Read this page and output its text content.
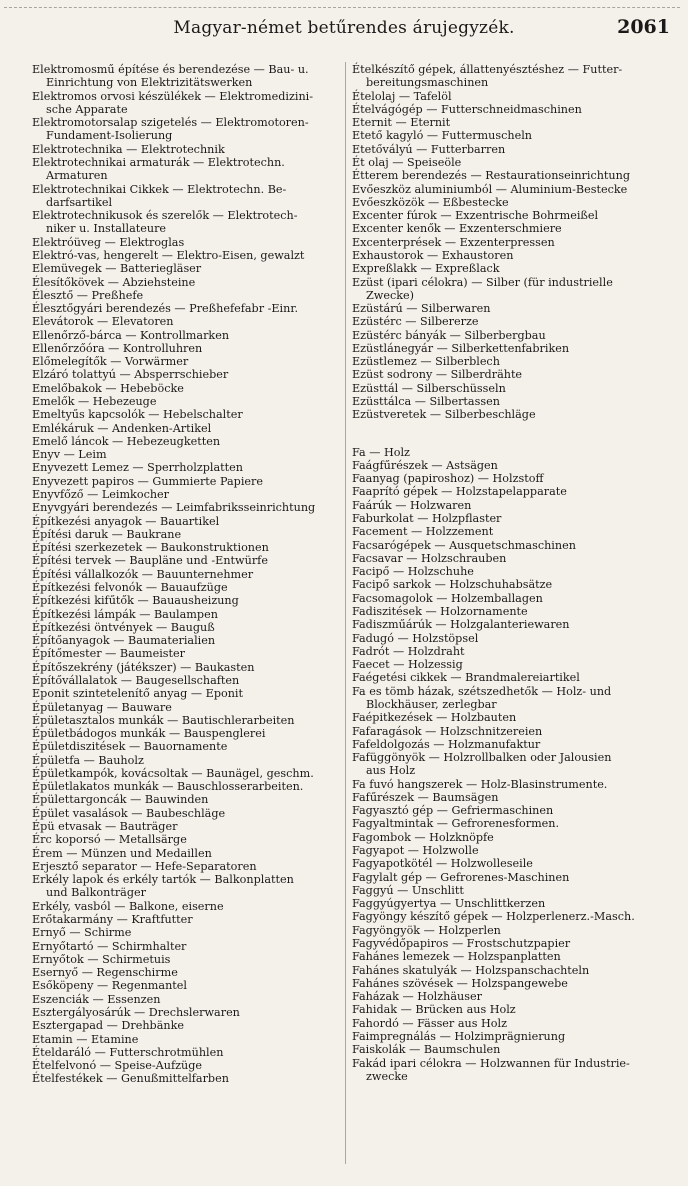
Magyar-német betűrendes árujegyzék.	2061
Elektromosmű építése és berendezése — Bau- u.
Einrichtung von Elektrizitätswerken
Elektromos orvosi készülékek — Elektromedizini-
sche Apparate
Elektromotorsalap szigetelés — Elektromotoren-
Fundament-Isolierung
Elektrotechnika — Elektrotechnik
Elektrotechnikai armaturák — Elektrotechn.
Armaturen
Elektrotechnikai Cikkek — Elektrotechn. Be-
darfsartikel
Elektrotechnikusok és szerelők — Elektrotech-
niker u. Installateure
Elektróüveg — Elektroglas
Elektró-vas, hengerelt — Elektro-Eisen, gewalzt
Elemüvegek — Batteriegläser
Élesítőkövek — Abziehsteine
Élesztő — Preßhefe
Élesztőgyári berendezés — Preßhefefabr -Einr.
Elevátorok — Elevatoren
Ellenőrző-bárca — Kontrollmarken
Ellenőrzőóra — Kontrolluhren
Előmelegítők — Vorwärmer
Elzáró tolattyú — Absperrschieber
Emelőbakok — Hebeböcke
Emelők — Hebezeuge
Emeltyűs kapcsolók — Hebelschalter
Emlékáruk — Andenken-Artikel
Emelő láncok — Hebezeugketten
Enyv — Leim
Enyvezett Lemez — Sperrholzplatten
Enyvezett papiros — Gummierte Papiere
Enyvfőző — Leimkocher
Enyvgyári berendezés — Leimfabriksseinrichtung
Építkezési anyagok — Bauartikel
Építési daruk — Baukrane
Építési szerkezetek — Baukonstruktionen
Építési tervek — Baupläne und -Entwürfe
Építési vállalkozók — Bauunternehmer
Építkezési felvonók — Bauaufzüge
Építkezési kifűtők — Bauausheizung
Építkezési lámpák — Baulampen
Építkezési öntvények — Bauguß
Építőanyagok — Baumaterialien
Építőmester — Baumeister
Építőszekrény (játékszer) — Baukasten
Építővállalatok — Baugesellschaften
Eponit szintetelenítő anyag — Eponit
Épületanyag — Bauware
Épületasztalos munkák — Bautischlerarbeiten
Épületbádogos munkák — Bauspenglerei
Épületdiszitések — Bauornamente
Épületfa — Bauholz
Épületkampók, kovácsoltak — Baunägel, geschm.
Épületlakatos munkák — Bauschlosserarbeiten.
Épülettargoncák — Bauwinden
Épület vasalások — Baubeschläge
Épü etvasak — Bauträger
Érc koporsó — Metallsärge
Érem — Münzen und Medaillen
Erjesztő separator — Hefe-Separatoren
Erkély lapok és erkély tartók — Balkonplatten
und Balkonträger
Erkély, vasból — Balkone, eiserne
Erőtakarmány — Kraftfutter
Ernyő — Schirme
Ernyőtartó — Schirmhalter
Ernyőtok — Schirmetuis
Esernyő — Regenschirme
Esőköpeny — Regenmantel
Eszenciák — Essenzen
Esztergályosárúk — Drechslerwaren
Esztergapad — Drehbänke
Etamin — Etamine
Ételdaráló — Futterschrotmühlen
Ételfelvonó — Speise-Aufzüge
Ételfestékek — Genußmittelfarben
Ételkészítő gépek, állattenyésztéshez — Futter-
bereitungsmaschinen
Ételolaj — Tafelöl
Ételvágógép — Futterschneidmaschinen
Eternit — Eternit
Etető kagyló — Futtermuscheln
Etetővályú — Futterbarren
Ét olaj — Speiseöle
Étterem berendezés — Restaurationseinrichtung
Evőeszköz aluminiumból — Aluminium-Bestecke
Evőeszközök — Eßbestecke
Excenter fúrok — Exzentrische Bohrmeißel
Excenter kenők — Exzenterschmiere
Excenterprések — Exzenterpressen
Exhaustorok — Exhaustoren
Expreßlakk — Expreßlack
Ezüst (ipari célokra) — Silber (für industrielle
Zwecke)
Ezüstárú — Silberwaren
Ezüstérc — Silbererze
Ezüstérc bányák — Silberbergbau
Ezüstlánegyár — Silberkettenfabriken
Ezüstlemez — Silberblech
Ezüst sodrony — Silberdrähte
Ezüsttál — Silberschüsseln
Ezüsttálca — Silbertassen
Ezüstveretek — Silberbeschläge
Fa — Holz
Faágfűrészek — Astsägen
Faanyag (papiroshoz) — Holzstoff
Faaprító gépek — Holzstapelapparate
Faárúk — Holzwaren
Faburkolat — Holzpflaster
Facement — Holzzement
Facsarógépek — Ausquetschmaschinen
Facsavar — Holzschrauben
Facipő — Holzschuhe
Facipő sarkok — Holzschuhabsätze
Facsomagolok — Holzemballagen
Fadiszitések — Holzornamente
Fadiszműárúk — Holzgalanteriewaren
Fadugó — Holzstöpsel
Fadrót — Holzdraht
Faecet — Holzessig
Faégetési cikkek — Brandmalereiartikel
Fa es tömb házak, szétszedhetők — Holz- und
Blockhäuser, zerlegbar
Faépitkezések — Holzbauten
Fafaragások — Holzschnitzereien
Fafeldolgozás — Holzmanufaktur
Fafüggönyök — Holzrollbalken oder Jalousien
aus Holz
Fa fuvó hangszerek — Holz-Blasinstrumente.
Fafűrészek — Baumsägen
Fagyasztó gép — Gefriermaschinen
Fagyaltmintak — Gefrorenesformen.
Fagombok — Holzknöpfe
Fagyapot — Holzwolle
Fagyapotkötél — Holzwolleseile
Fagylalt gép — Gefrorenes-Maschinen
Faggyú — Unschlitt
Faggyúgyertya — Unschlittkerzen
Fagyöngy készítő gépek — Holzperlenerz.-Masch.
Fagyöngyök — Holzperlen
Fagyvédőpapiros — Frostschutzpapier
Fahánes lemezek — Holzspanplatten
Fahánes skatulyák — Holzspanschachteln
Fahánes szövések — Holzspangewebe
Faházak — Holzhäuser
Fahidak — Brücken aus Holz
Fahordó — Fässer aus Holz
Faimpregnálás — Holzimprägnierung
Faiskolák — Baumschulen
Fakád ipari célokra — Holzwannen für Industrie-
zwecke
